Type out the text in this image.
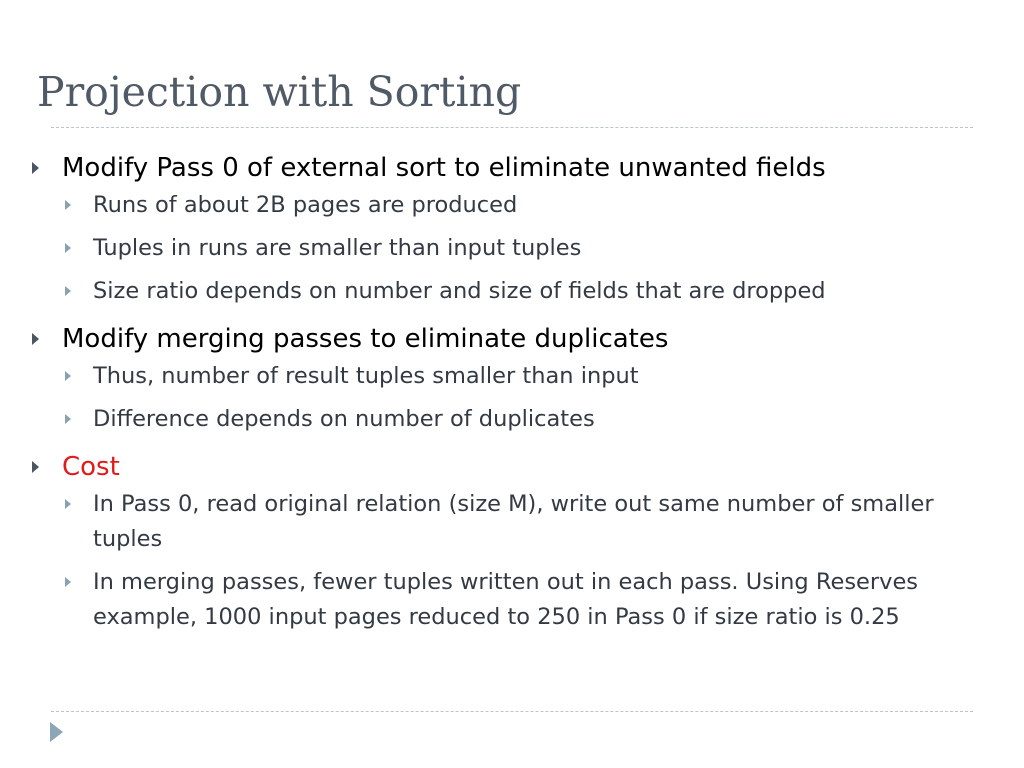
Projection with Sorting
Modify Pass 0 of external sort to eliminate unwanted fields
Runs of about 2B pages are produced
Tuples in runs are smaller than input tuples
Size ratio depends on number and size of fields that are dropped
Modify merging passes to eliminate duplicates
Thus, number of result tuples smaller than input
Difference depends on number of duplicates
Cost
In Pass 0, read original relation (size M), write out same number of smaller tuples
In merging passes, fewer tuples written out in each pass. Using Reserves example, 1000 input pages reduced to 250 in Pass 0 if size ratio is 0.25
